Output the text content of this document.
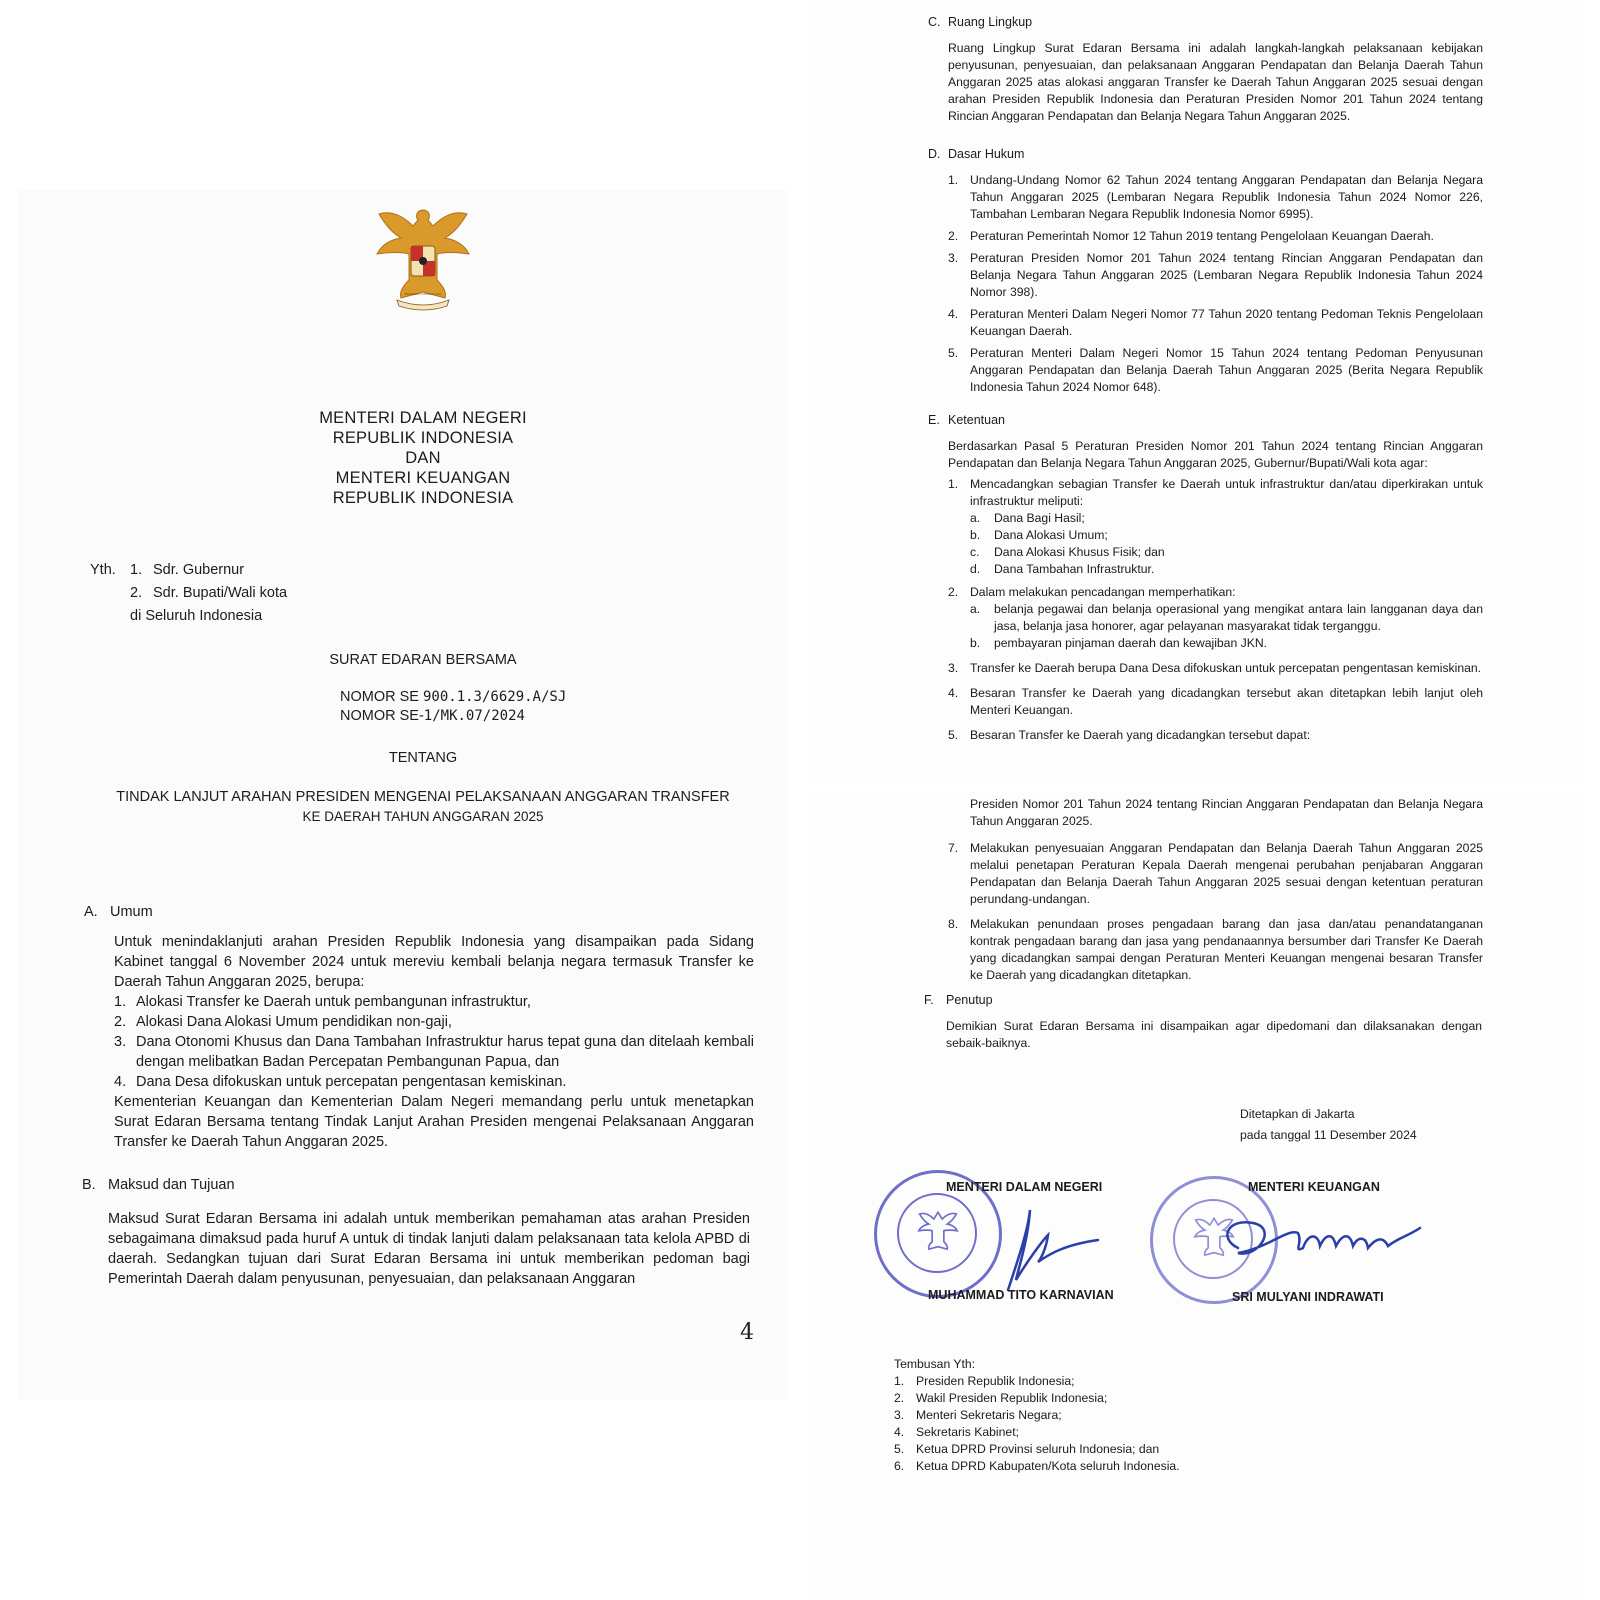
BHINNEKA TUNGGAL IKA
MENTERI DALAM NEGERI
REPUBLIK INDONESIA
DAN
MENTERI KEUANGAN
REPUBLIK INDONESIA
Yth. 1. Sdr. Gubernur
2. Sdr. Bupati/Wali kota
di Seluruh Indonesia
SURAT EDARAN BERSAMA
NOMOR SE 900.1.3/6629.A/SJ
NOMOR SE-1/MK.07/2024
TENTANG
TINDAK LANJUT ARAHAN PRESIDEN MENGENAI PELAKSANAAN ANGGARAN TRANSFER
KE DAERAH TAHUN ANGGARAN 2025
A. Umum
Untuk menindaklanjuti arahan Presiden Republik Indonesia yang disampaikan pada Sidang Kabinet tanggal 6 November 2024 untuk mereviu kembali belanja negara termasuk Transfer ke Daerah Tahun Anggaran 2025, berupa:
1. Alokasi Transfer ke Daerah untuk pembangunan infrastruktur,
2. Alokasi Dana Alokasi Umum pendidikan non-gaji,
3. Dana Otonomi Khusus dan Dana Tambahan Infrastruktur harus tepat guna dan ditelaah kembali dengan melibatkan Badan Percepatan Pembangunan Papua, dan
4. Dana Desa difokuskan untuk percepatan pengentasan kemiskinan.
Kementerian Keuangan dan Kementerian Dalam Negeri memandang perlu untuk menetapkan Surat Edaran Bersama tentang Tindak Lanjut Arahan Presiden mengenai Pelaksanaan Anggaran Transfer ke Daerah Tahun Anggaran 2025.
B. Maksud dan Tujuan
Maksud Surat Edaran Bersama ini adalah untuk memberikan pemahaman atas arahan Presiden sebagaimana dimaksud pada huruf A untuk di tindak lanjuti dalam pelaksanaan tata kelola APBD di daerah. Sedangkan tujuan dari Surat Edaran Bersama ini untuk memberikan pedoman bagi Pemerintah Daerah dalam penyusunan, penyesuaian, dan pelaksanaan Anggaran
4
C. Ruang Lingkup
Ruang Lingkup Surat Edaran Bersama ini adalah langkah-langkah pelaksanaan kebijakan penyusunan, penyesuaian, dan pelaksanaan Anggaran Pendapatan dan Belanja Daerah Tahun Anggaran 2025 atas alokasi anggaran Transfer ke Daerah Tahun Anggaran 2025 sesuai dengan arahan Presiden Republik Indonesia dan Peraturan Presiden Nomor 201 Tahun 2024 tentang Rincian Anggaran Pendapatan dan Belanja Negara Tahun Anggaran 2025.
D. Dasar Hukum
1. Undang-Undang Nomor 62 Tahun 2024 tentang Anggaran Pendapatan dan Belanja Negara Tahun Anggaran 2025 (Lembaran Negara Republik Indonesia Tahun 2024 Nomor 226, Tambahan Lembaran Negara Republik Indonesia Nomor 6995).
2. Peraturan Pemerintah Nomor 12 Tahun 2019 tentang Pengelolaan Keuangan Daerah.
3. Peraturan Presiden Nomor 201 Tahun 2024 tentang Rincian Anggaran Pendapatan dan Belanja Negara Tahun Anggaran 2025 (Lembaran Negara Republik Indonesia Tahun 2024 Nomor 398).
4. Peraturan Menteri Dalam Negeri Nomor 77 Tahun 2020 tentang Pedoman Teknis Pengelolaan Keuangan Daerah.
5. Peraturan Menteri Dalam Negeri Nomor 15 Tahun 2024 tentang Pedoman Penyusunan Anggaran Pendapatan dan Belanja Daerah Tahun Anggaran 2025 (Berita Negara Republik Indonesia Tahun 2024 Nomor 648).
E. Ketentuan
Berdasarkan Pasal 5 Peraturan Presiden Nomor 201 Tahun 2024 tentang Rincian Anggaran Pendapatan dan Belanja Negara Tahun Anggaran 2025, Gubernur/Bupati/Wali kota agar:
1. Mencadangkan sebagian Transfer ke Daerah untuk infrastruktur dan/atau diperkirakan untuk infrastruktur meliputi:
a. Dana Bagi Hasil;
b. Dana Alokasi Umum;
c. Dana Alokasi Khusus Fisik; dan
d. Dana Tambahan Infrastruktur.
2. Dalam melakukan pencadangan memperhatikan:
a. belanja pegawai dan belanja operasional yang mengikat antara lain langganan daya dan jasa, belanja jasa honorer, agar pelayanan masyarakat tidak terganggu.
b. pembayaran pinjaman daerah dan kewajiban JKN.
3. Transfer ke Daerah berupa Dana Desa difokuskan untuk percepatan pengentasan kemiskinan.
4. Besaran Transfer ke Daerah yang dicadangkan tersebut akan ditetapkan lebih lanjut oleh Menteri Keuangan.
5. Besaran Transfer ke Daerah yang dicadangkan tersebut dapat:
Presiden Nomor 201 Tahun 2024 tentang Rincian Anggaran Pendapatan dan Belanja Negara Tahun Anggaran 2025.
7. Melakukan penyesuaian Anggaran Pendapatan dan Belanja Daerah Tahun Anggaran 2025 melalui penetapan Peraturan Kepala Daerah mengenai perubahan penjabaran Anggaran Pendapatan dan Belanja Daerah Tahun Anggaran 2025 sesuai dengan ketentuan peraturan perundang-undangan.
8. Melakukan penundaan proses pengadaan barang dan jasa dan/atau penandatanganan kontrak pengadaan barang dan jasa yang pendanaannya bersumber dari Transfer Ke Daerah yang dicadangkan sampai dengan Peraturan Menteri Keuangan mengenai besaran Transfer ke Daerah yang dicadangkan ditetapkan.
F. Penutup
Demikian Surat Edaran Bersama ini disampaikan agar dipedomani dan dilaksanakan dengan sebaik-baiknya.
Ditetapkan di Jakarta
pada tanggal 11 Desember 2024
MENTERI DALAM NEGERI	MENTERI KEUANGAN
MUHAMMAD TITO KARNAVIAN	SRI MULYANI INDRAWATI
Tembusan Yth:
1. Presiden Republik Indonesia;
2. Wakil Presiden Republik Indonesia;
3. Menteri Sekretaris Negara;
4. Sekretaris Kabinet;
5. Ketua DPRD Provinsi seluruh Indonesia; dan
6. Ketua DPRD Kabupaten/Kota seluruh Indonesia.
